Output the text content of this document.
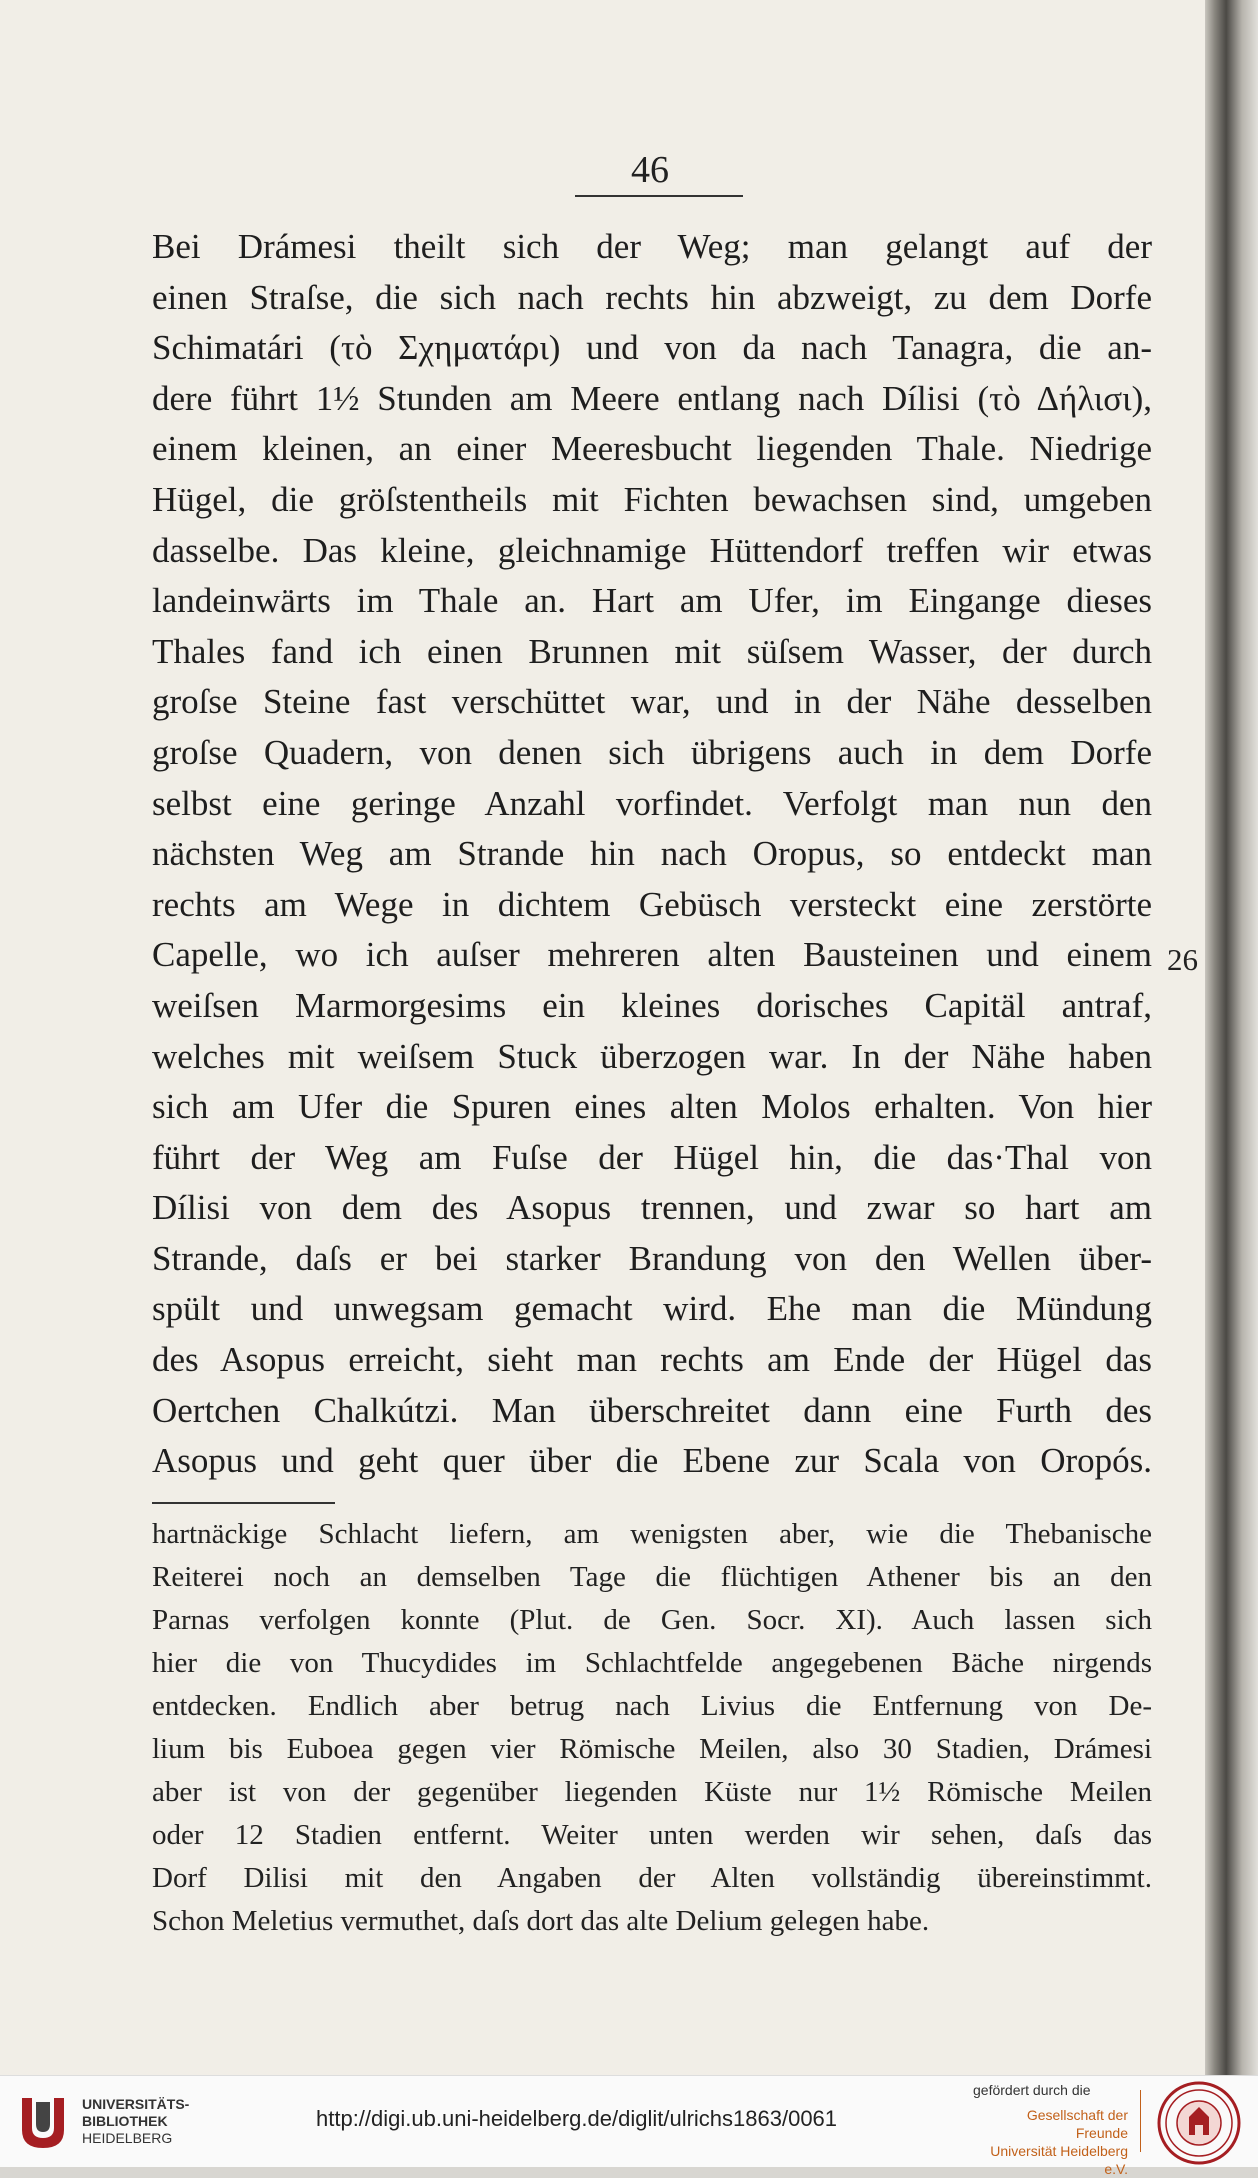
46
Bei Drámesi theilt sich der Weg; man gelangt auf der
einen Straſse, die sich nach rechts hin abzweigt, zu dem Dorfe
Schimatári (τὸ Σχηματάρι) und von da nach Tanagra, die an-
dere führt 1½ Stunden am Meere entlang nach Dílisi (τὸ Δήλισι),
einem kleinen, an einer Meeresbucht liegenden Thale. Niedrige
Hügel, die gröſstentheils mit Fichten bewachsen sind, umgeben
dasselbe. Das kleine, gleichnamige Hüttendorf treffen wir etwas
landeinwärts im Thale an. Hart am Ufer, im Eingange dieses
Thales fand ich einen Brunnen mit süſsem Wasser, der durch
groſse Steine fast verschüttet war, und in der Nähe desselben
groſse Quadern, von denen sich übrigens auch in dem Dorfe
selbst eine geringe Anzahl vorfindet. Verfolgt man nun den
nächsten Weg am Strande hin nach Oropus, so entdeckt man
rechts am Wege in dichtem Gebüsch versteckt eine zerstörte
Capelle, wo ich auſser mehreren alten Bausteinen und einem
weiſsen Marmorgesims ein kleines dorisches Capitäl antraf,
welches mit weiſsem Stuck überzogen war. In der Nähe haben
sich am Ufer die Spuren eines alten Molos erhalten. Von hier
führt der Weg am Fuſse der Hügel hin, die das·Thal von
Dílisi von dem des Asopus trennen, und zwar so hart am
Strande, daſs er bei starker Brandung von den Wellen über-
spült und unwegsam gemacht wird. Ehe man die Mündung
des Asopus erreicht, sieht man rechts am Ende der Hügel das
Oertchen Chalkútzi. Man überschreitet dann eine Furth des
Asopus und geht quer über die Ebene zur Scala von Oropós.
26
hartnäckige Schlacht liefern, am wenigsten aber, wie die Thebanische
Reiterei noch an demselben Tage die flüchtigen Athener bis an den
Parnas verfolgen konnte (Plut. de Gen. Socr. XI). Auch lassen sich
hier die von Thucydides im Schlachtfelde angegebenen Bäche nirgends
entdecken. Endlich aber betrug nach Livius die Entfernung von De-
lium bis Euboea gegen vier Römische Meilen, also 30 Stadien, Drámesi
aber ist von der gegenüber liegenden Küste nur 1½ Römische Meilen
oder 12 Stadien entfernt. Weiter unten werden wir sehen, daſs das
Dorf Dilisi mit den Angaben der Alten vollständig übereinstimmt.
Schon Meletius vermuthet, daſs dort das alte Delium gelegen habe.
UNIVERSITÄTS-
BIBLIOTHEK
HEIDELBERG
http://digi.ub.uni-heidelberg.de/diglit/ulrichs1863/0061
gefördert durch die
Gesellschaft der Freunde
Universität Heidelberg e.V.
